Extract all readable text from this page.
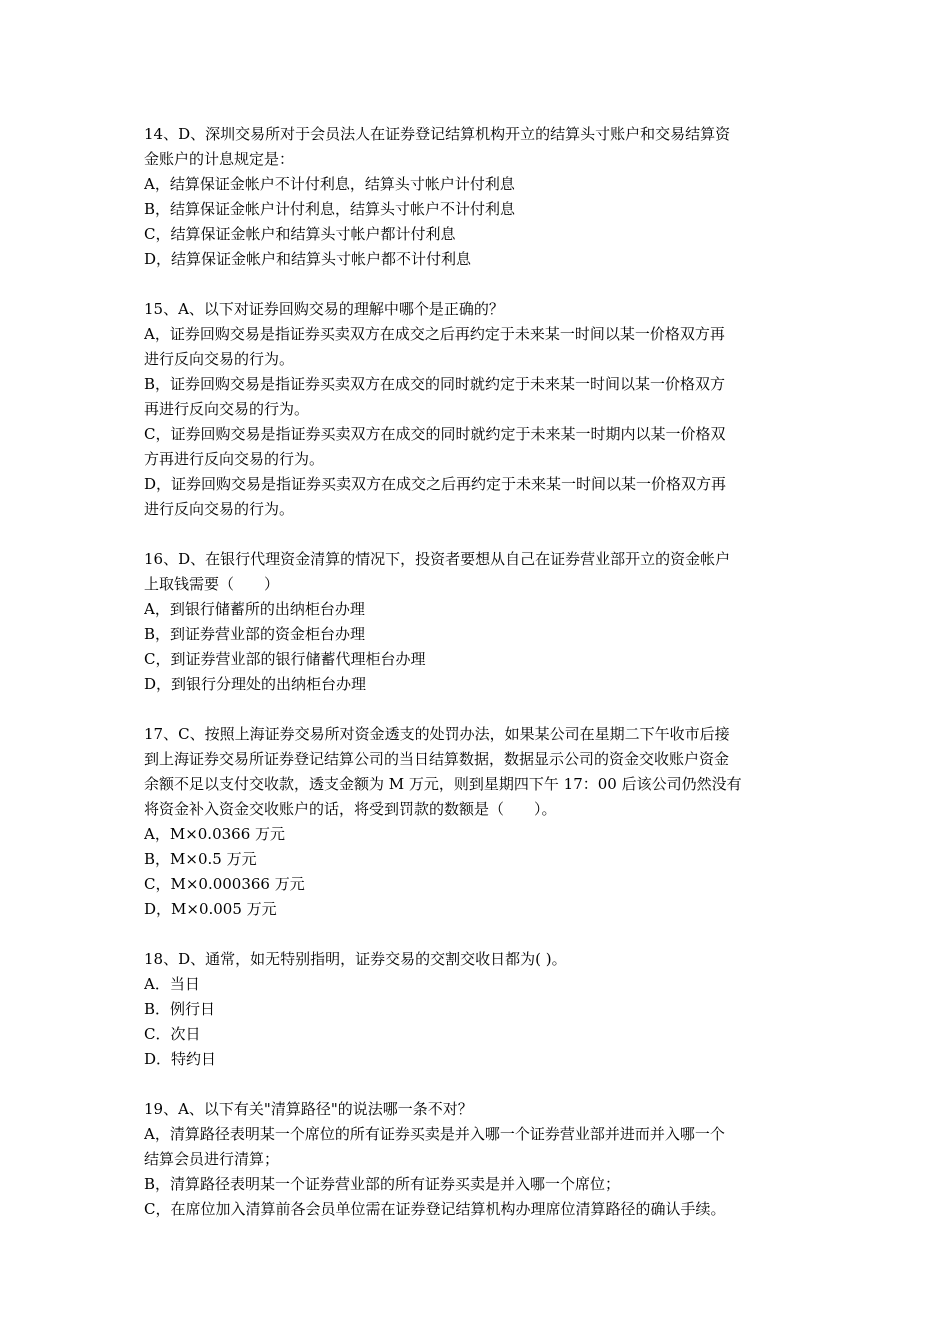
14、D、深圳交易所对于会员法人在证券登记结算机构开立的结算头寸账户和交易结算资
金账户的计息规定是：
A，结算保证金帐户不计付利息，结算头寸帐户计付利息
B，结算保证金帐户计付利息，结算头寸帐户不计付利息
C，结算保证金帐户和结算头寸帐户都计付利息
D，结算保证金帐户和结算头寸帐户都不计付利息
15、A、以下对证券回购交易的理解中哪个是正确的？
A，证券回购交易是指证券买卖双方在成交之后再约定于未来某一时间以某一价格双方再
进行反向交易的行为。
B，证券回购交易是指证券买卖双方在成交的同时就约定于未来某一时间以某一价格双方
再进行反向交易的行为。
C，证券回购交易是指证券买卖双方在成交的同时就约定于未来某一时期内以某一价格双
方再进行反向交易的行为。
D，证券回购交易是指证券买卖双方在成交之后再约定于未来某一时间以某一价格双方再
进行反向交易的行为。
16、D、在银行代理资金清算的情况下，投资者要想从自己在证券营业部开立的资金帐户
上取钱需要（　　）
A，到银行储蓄所的出纳柜台办理
B，到证券营业部的资金柜台办理
C，到证券营业部的银行储蓄代理柜台办理
D，到银行分理处的出纳柜台办理
17、C、按照上海证券交易所对资金透支的处罚办法，如果某公司在星期二下午收市后接
到上海证券交易所证券登记结算公司的当日结算数据，数据显示公司的资金交收账户资金
余额不足以支付交收款，透支金额为 M 万元，则到星期四下午 17：00 后该公司仍然没有
将资金补入资金交收账户的话，将受到罚款的数额是（　　）。
A，M×0.0366 万元
B，M×0.5 万元
C，M×0.000366 万元
D，M×0.005 万元
18、D、通常，如无特别指明，证券交易的交割交收日都为( )。
A．当日
B．例行日
C．次日
D．特约日
19、A、以下有关"清算路径"的说法哪一条不对？
A，清算路径表明某一个席位的所有证券买卖是并入哪一个证券营业部并进而并入哪一个
结算会员进行清算；
B，清算路径表明某一个证券营业部的所有证券买卖是并入哪一个席位；
C，在席位加入清算前各会员单位需在证券登记结算机构办理席位清算路径的确认手续。
